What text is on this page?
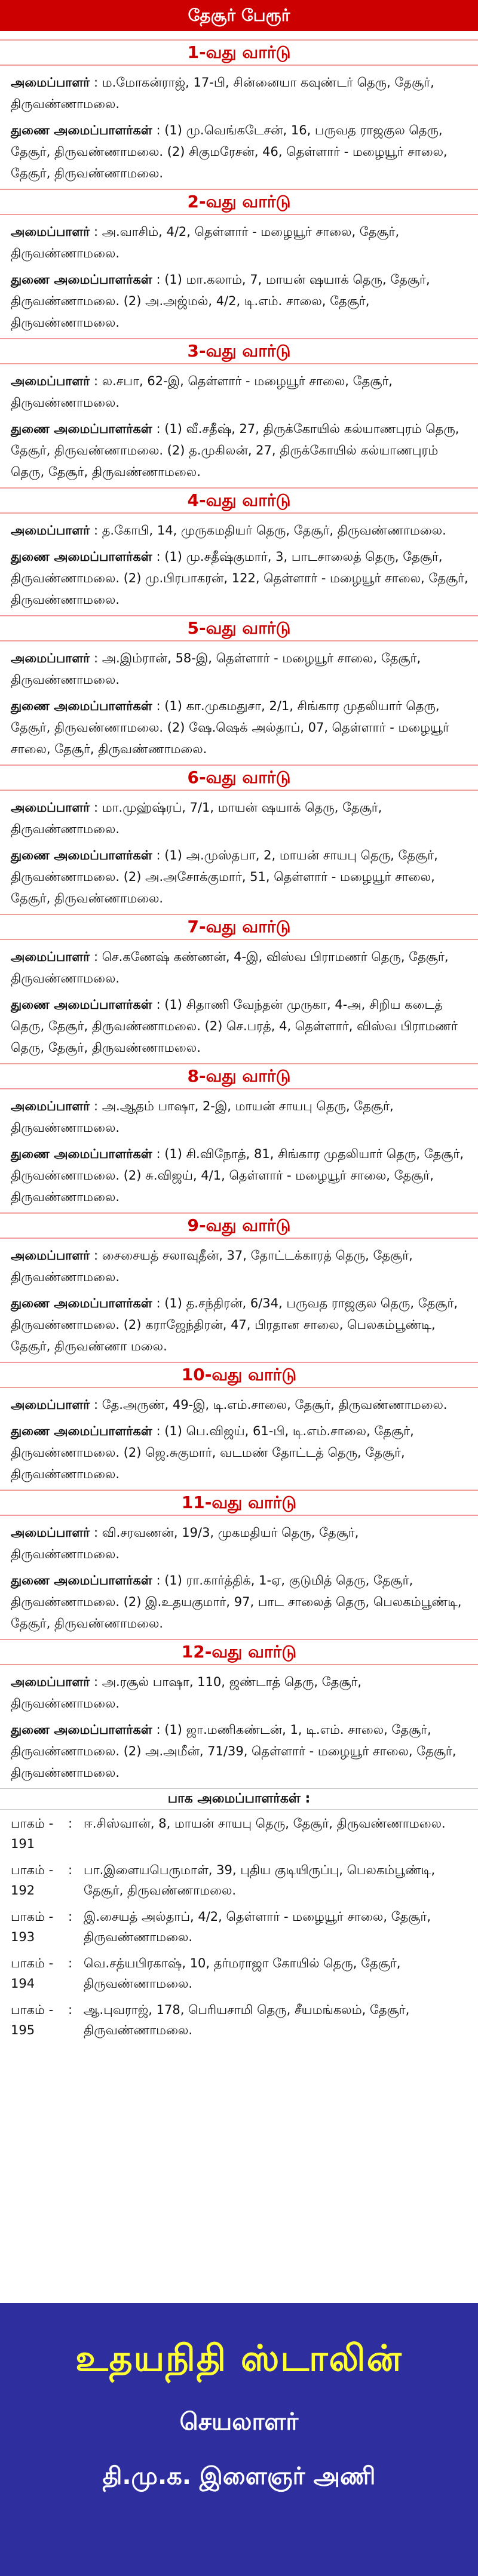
தேசூர் பேரூர்
1-வது வார்டு
அமைப்பாளர் : ம.மோகன்ராஜ், 17-பி, சின்னையா கவுண்டர் தெரு, தேசூர், திருவண்ணாமலை.
துணை அமைப்பாளர்கள் : (1) மு.வெங்கடேசன், 16, பருவத ராஜகுல தெரு, தேசூர், திருவண்ணாமலை. (2) சிகுமரேசன், 46, தெள்ளார் - மழையூர் சாலை, தேசூர், திருவண்ணாமலை.
2-வது வார்டு
அமைப்பாளர் : அ.வாசிம், 4/2, தெள்ளார் - மழையூர் சாலை, தேசூர், திருவண்ணாமலை.
துணை அமைப்பாளர்கள் : (1) மா.கலாம், 7, மாயன் ஷயாக் தெரு, தேசூர், திருவண்ணாமலை. (2) அ.அஜ்மல், 4/2, டி.எம். சாலை, தேசூர், திருவண்ணாமலை.
3-வது வார்டு
அமைப்பாளர் : ல.சபா, 62-இ, தெள்ளார் - மழையூர் சாலை, தேசூர், திருவண்ணாமலை.
துணை அமைப்பாளர்கள் : (1) வீ.சதீஷ், 27, திருக்கோயில் கல்யாணபுரம் தெரு, தேசூர், திருவண்ணாமலை. (2) த.முகிலன், 27, திருக்கோயில் கல்யாணபுரம் தெரு, தேசூர், திருவண்ணாமலை.
4-வது வார்டு
அமைப்பாளர் : த.கோபி, 14, முருகமதியர் தெரு, தேசூர், திருவண்ணாமலை.
துணை அமைப்பாளர்கள் : (1) மு.சதீஷ்குமார், 3, பாடசாலைத் தெரு, தேசூர், திருவண்ணாமலை. (2) மு.பிரபாகரன், 122, தெள்ளார் - மழையூர் சாலை, தேசூர், திருவண்ணாமலை.
5-வது வார்டு
அமைப்பாளர் : அ.இம்ரான், 58-இ, தெள்ளார் - மழையூர் சாலை, தேசூர், திருவண்ணாமலை.
துணை அமைப்பாளர்கள் : (1) கா.முகமதுசா, 2/1, சிங்கார முதலியார் தெரு, தேசூர், திருவண்ணாமலை. (2) ஷே.ஷெக் அல்தாப், 07, தெள்ளார் - மழையூர் சாலை, தேசூர், திருவண்ணாமலை.
6-வது வார்டு
அமைப்பாளர் : மா.முஹ்ஷ்ரப், 7/1, மாயன் ஷயாக் தெரு, தேசூர், திருவண்ணாமலை.
துணை அமைப்பாளர்கள் : (1) அ.முஸ்தபா, 2, மாயன் சாயபு தெரு, தேசூர், திருவண்ணாமலை. (2) அ.அசோக்குமார், 51, தெள்ளார் - மழையூர் சாலை, தேசூர், திருவண்ணாமலை.
7-வது வார்டு
அமைப்பாளர் : செ.கணேஷ் கண்ணன், 4-இ, விஸ்வ பிராமணர் தெரு, தேசூர், திருவண்ணாமலை.
துணை அமைப்பாளர்கள் : (1) சிதாணி வேந்தன் முருகா, 4-அ, சிறிய கடைத் தெரு, தேசூர், திருவண்ணாமலை. (2) செ.பரத், 4, தெள்ளார், விஸ்வ பிராமணர் தெரு, தேசூர், திருவண்ணாமலை.
8-வது வார்டு
அமைப்பாளர் : அ.ஆதம் பாஷா, 2-இ, மாயன் சாயபு தெரு, தேசூர், திருவண்ணாமலை.
துணை அமைப்பாளர்கள் : (1) சி.விநோத், 81, சிங்கார முதலியார் தெரு, தேசூர், திருவண்ணாமலை. (2) சு.விஜய், 4/1, தெள்ளார் - மழையூர் சாலை, தேசூர், திருவண்ணாமலை.
9-வது வார்டு
அமைப்பாளர் : சைசையத் சலாவுதீன், 37, தோட்டக்காரத் தெரு, தேசூர், திருவண்ணாமலை.
துணை அமைப்பாளர்கள் : (1) த.சந்திரன், 6/34, பருவத ராஜகுல தெரு, தேசூர், திருவண்ணாமலை. (2) கராஜேந்திரன், 47, பிரதான சாலை, பெலகம்பூண்டி, தேசூர், திருவண்ணா மலை.
10-வது வார்டு
அமைப்பாளர் : தே.அருண், 49-இ, டி.எம்.சாலை, தேசூர், திருவண்ணாமலை.
துணை அமைப்பாளர்கள் : (1) பெ.விஜய், 61-பி, டி.எம்.சாலை, தேசூர், திருவண்ணாமலை. (2) ஜெ.சுகுமார், வடமண் தோட்டத் தெரு, தேசூர், திருவண்ணாமலை.
11-வது வார்டு
அமைப்பாளர் : வி.சரவணன், 19/3, முகமதியர் தெரு, தேசூர், திருவண்ணாமலை.
துணை அமைப்பாளர்கள் : (1) ரா.கார்த்திக், 1-ஏ, குடுமித் தெரு, தேசூர், திருவண்ணாமலை. (2) இ.உதயகுமார், 97, பாட சாலைத் தெரு, பெலகம்பூண்டி, தேசூர், திருவண்ணாமலை.
12-வது வார்டு
அமைப்பாளர் : அ.ரசூல் பாஷா, 110, ஜண்டாத் தெரு, தேசூர், திருவண்ணாமலை.
துணை அமைப்பாளர்கள் : (1) ஜா.மணிகண்டன், 1, டி.எம். சாலை, தேசூர், திருவண்ணாமலை. (2) அ.அமீன், 71/39, தெள்ளார் - மழையூர் சாலை, தேசூர், திருவண்ணாமலை.
பாக அமைப்பாளர்கள் :
பாகம் - 191
: ஈ.சிஸ்வான், 8, மாயன் சாயபு தெரு, தேசூர், திருவண்ணாமலை.
பாகம் - 192
: பா.இளையபெருமாள், 39, புதிய குடியிருப்பு, பெலகம்பூண்டி, தேசூர், திருவண்ணாமலை.
பாகம் - 193
: இ.சையத் அல்தாப், 4/2, தெள்ளார் - மழையூர் சாலை, தேசூர், திருவண்ணாமலை.
பாகம் - 194
: வெ.சத்யபிரகாஷ், 10, தர்மராஜா கோயில் தெரு, தேசூர், திருவண்ணாமலை.
பாகம் - 195
: ஆ.புவராஜ், 178, பெரியசாமி தெரு, சீயமங்கலம், தேசூர், திருவண்ணாமலை.
உதயநிதி ஸ்டாலின்
செயலாளர்
தி.மு.க. இளைஞர் அணி
